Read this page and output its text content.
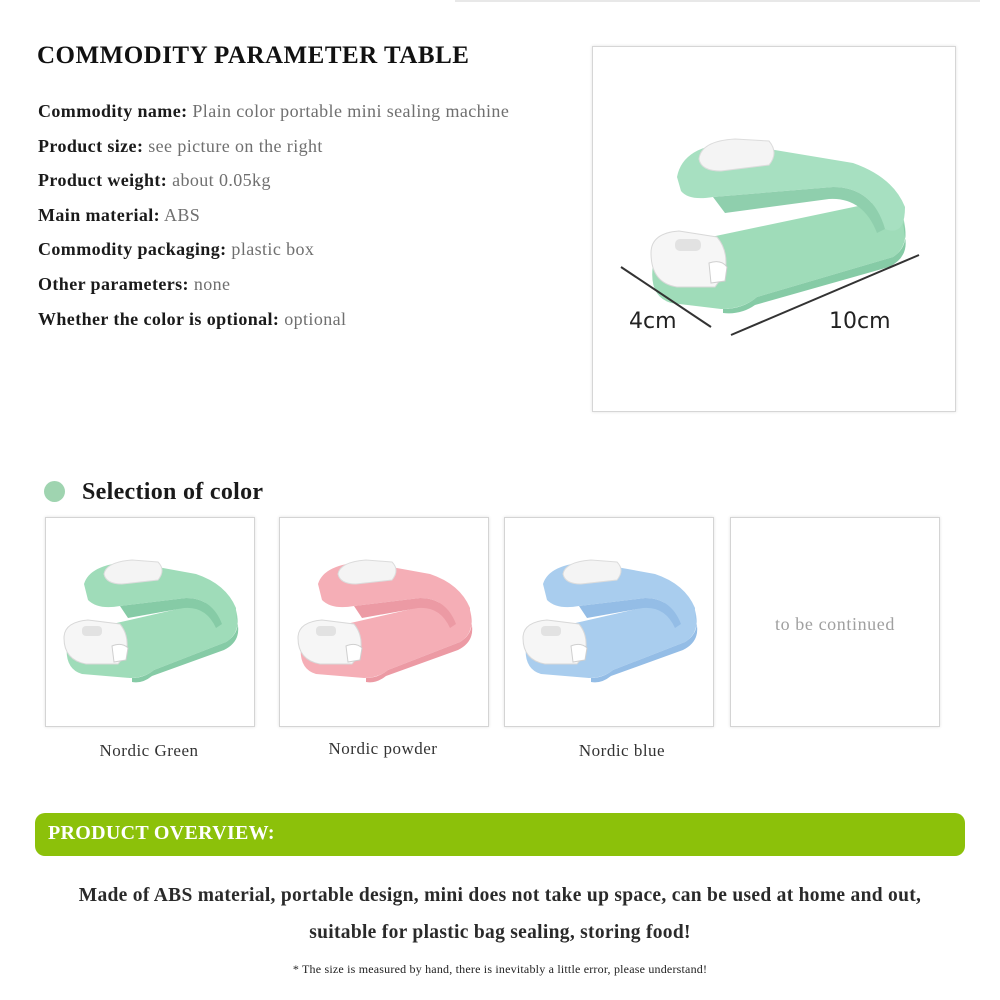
COMMODITY PARAMETER TABLE
Commodity name: Plain color portable mini sealing machine
Product size: see picture on the right
Product weight: about 0.05kg
Main material: ABS
Commodity packaging: plastic box
Other parameters: none
Whether the color is optional: optional	4cm	10cm
Selection of color
to be continued
Nordic Green	Nordic powder	Nordic blue
PRODUCT OVERVIEW:
Made of ABS material, portable design, mini does not take up space, can be used at home and out, suitable for plastic bag sealing, storing food!
* The size is measured by hand, there is inevitably a little error, please understand!
